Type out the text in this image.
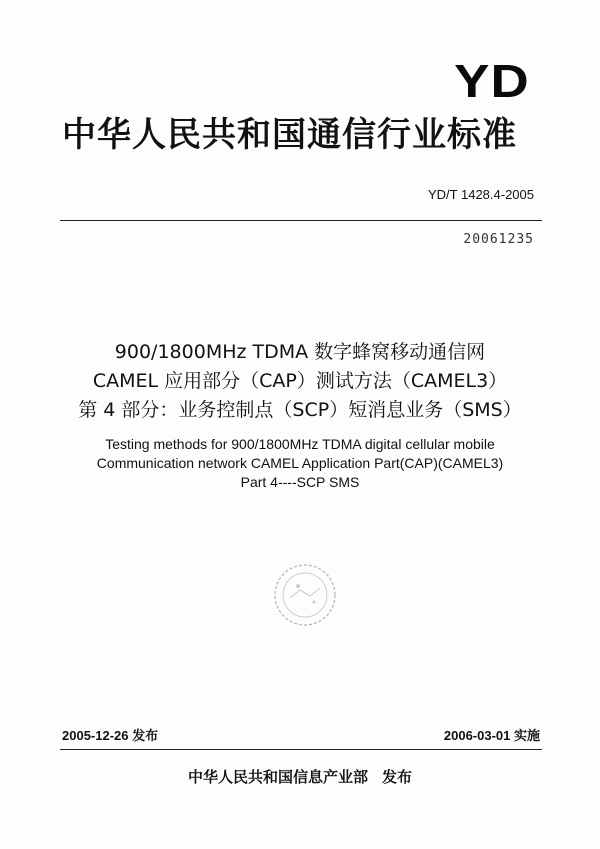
YD
中华人民共和国通信行业标准
YD/T 1428.4-2005
20061235
900/1800MHz TDMA 数字蜂窝移动通信网
CAMEL 应用部分（CAP）测试方法（CAMEL3）
第 4 部分：业务控制点（SCP）短消息业务（SMS）
Testing methods for 900/1800MHz TDMA digital cellular mobile
Communication network CAMEL Application Part(CAP)(CAMEL3)
Part 4----SCP SMS
2005-12-26 发布	2006-03-01 实施
中华人民共和国信息产业部 发布
